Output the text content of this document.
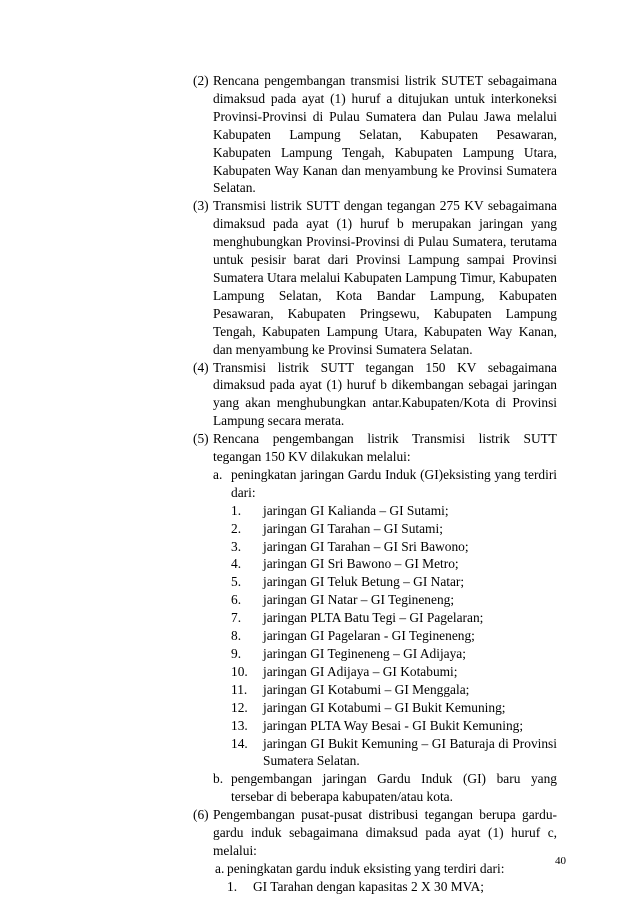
(2) Rencana pengembangan transmisi listrik SUTET sebagaimana dimaksud pada ayat (1) huruf a ditujukan untuk interkoneksi Provinsi-Provinsi di Pulau Sumatera dan Pulau Jawa melalui Kabupaten Lampung Selatan, Kabupaten Pesawaran, Kabupaten Lampung Tengah, Kabupaten Lampung Utara, Kabupaten Way Kanan dan menyambung ke Provinsi Sumatera Selatan.
(3) Transmisi listrik SUTT dengan tegangan 275 KV sebagaimana dimaksud pada ayat (1) huruf b merupakan jaringan yang menghubungkan Provinsi-Provinsi di Pulau Sumatera, terutama untuk pesisir barat dari Provinsi Lampung sampai Provinsi Sumatera Utara melalui Kabupaten Lampung Timur, Kabupaten Lampung Selatan, Kota Bandar Lampung, Kabupaten Pesawaran, Kabupaten Pringsewu, Kabupaten Lampung Tengah, Kabupaten Lampung Utara, Kabupaten Way Kanan, dan menyambung ke Provinsi Sumatera Selatan.
(4) Transmisi listrik SUTT tegangan 150 KV sebagaimana dimaksud pada ayat (1) huruf b dikembangan sebagai jaringan yang akan menghubungkan antar.Kabupaten/Kota di Provinsi Lampung secara merata.
(5) Rencana pengembangan listrik Transmisi listrik SUTT tegangan 150 KV dilakukan melalui:
a. peningkatan jaringan Gardu Induk (GI)eksisting yang terdiri dari:
1.	jaringan GI Kalianda – GI Sutami;
2.	jaringan GI Tarahan – GI Sutami;
3.	jaringan GI Tarahan – GI Sri Bawono;
4.	jaringan GI Sri Bawono – GI Metro;
5.	jaringan GI Teluk Betung – GI Natar;
6.	jaringan GI Natar – GI Tegineneng;
7.	jaringan PLTA Batu Tegi – GI Pagelaran;
8.	jaringan GI Pagelaran - GI Tegineneng;
9.	jaringan GI Tegineneng – GI Adijaya;
10.	jaringan GI Adijaya – GI Kotabumi;
11.	jaringan GI Kotabumi – GI Menggala;
12.	jaringan GI Kotabumi – GI Bukit Kemuning;
13.	jaringan PLTA Way Besai - GI Bukit Kemuning;
14.	jaringan GI Bukit Kemuning – GI Baturaja di Provinsi Sumatera Selatan.
b. pengembangan jaringan Gardu Induk (GI) baru yang tersebar di beberapa kabupaten/atau kota.
(6) Pengembangan pusat-pusat distribusi tegangan berupa gardu-gardu induk sebagaimana dimaksud pada ayat (1) huruf c, melalui:
a. peningkatan gardu induk eksisting yang terdiri dari:
1.	GI Tarahan dengan kapasitas 2 X 30 MVA;
40
